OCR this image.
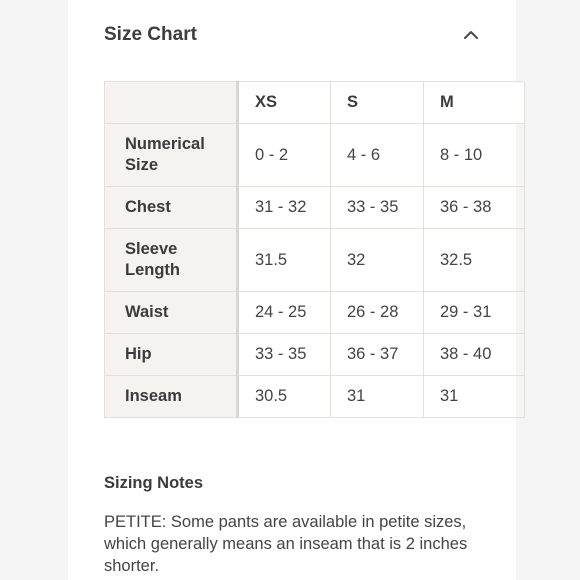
Size Chart
	XS	S	M
Numerical Size	0 - 2	4 - 6	8 - 10
Chest	31 - 32	33 - 35	36 - 38
Sleeve Length	31.5	32	32.5
Waist	24 - 25	26 - 28	29 - 31
Hip	33 - 35	36 - 37	38 - 40
Inseam	30.5	31	31
Sizing Notes
PETITE: Some pants are available in petite sizes, which generally means an inseam that is 2 inches shorter.
